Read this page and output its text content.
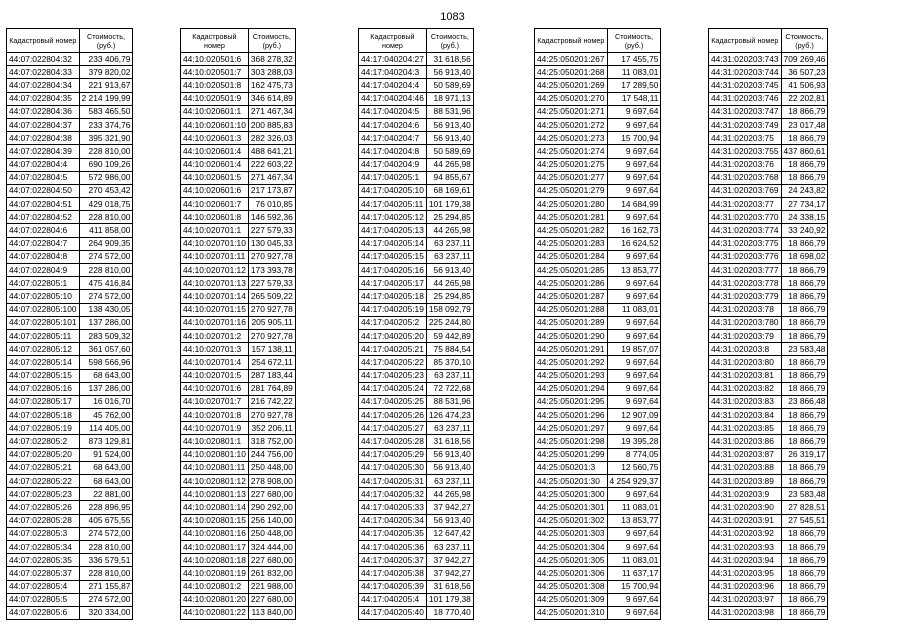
1083
Кадастровый номер	Стоимость, (руб.)
44:07:022804:32	233 406,79
44:07:022804:33	379 820,02
44:07:022804:34	221 913,67
44:07:022804:35	2 214 199,99
44:07:022804:36	583 465,50
44:07:022804:37	233 374,76
44:07:022804:38	395 321,90
44:07:022804:39	228 810,00
44:07:022804:4	690 109,26
44:07:022804:5	572 986,00
44:07:022804:50	270 453,42
44:07:022804:51	429 018,75
44:07:022804:52	228 810,00
44:07:022804:6	411 858,00
44:07:022804:7	264 909,35
44:07:022804:8	274 572,00
44:07:022804:9	228 810,00
44:07:022805:1	475 416,84
44:07:022805:10	274 572,00
44:07:022805:100	138 430,05
44:07:022805:101	137 286,00
44:07:022805:11	283 509,32
44:07:022805:12	361 057,60
44:07:022805:14	598 566,96
44:07:022805:15	68 643,00
44:07:022805:16	137 286,00
44:07:022805:17	16 016,70
44:07:022805:18	45 762,00
44:07:022805:19	114 405,00
44:07:022805:2	873 129,81
44:07:022805:20	91 524,00
44:07:022805:21	68 643,00
44:07:022805:22	68 643,00
44:07:022805:23	22 881,00
44:07:022805:26	228 896,95
44:07:022805:28	405 675,55
44:07:022805:3	274 572,00
44:07:022805:34	228 810,00
44:07:022805:35	336 579,51
44:07:022805:37	228 810,00
44:07:022805:4	271 155,87
44:07:022805:5	274 572,00
44:07:022805:6	320 334,00
Кадастровый номер	Стоимость, (руб.)
44:10:020501:6	368 278,32
44:10:020501:7	303 288,03
44:10:020501:8	162 475,73
44:10:020501:9	346 614,89
44:10:020601:1	271 467,34
44:10:020601:10	200 885,83
44:10:020601:3	282 326,03
44:10:020601:4	488 641,21
44:10:020601:4	222 603,22
44:10:020601:5	271 467,34
44:10:020601:6	217 173,87
44:10:020601:7	76 010,85
44:10:020601:8	146 592,36
44:10:020701:1	227 579,33
44:10:020701:10	130 045,33
44:10:020701:11	270 927,78
44:10:020701:12	173 393,78
44:10:020701:13	227 579,33
44:10:020701:14	265 509,22
44:10:020701:15	270 927,78
44:10:020701:16	205 905,11
44:10:020701:2	270 927,78
44:10:020701:3	157 138,11
44:10:020701:4	254 672,11
44:10:020701:5	287 183,44
44:10:020701:6	281 764,89
44:10:020701:7	216 742,22
44:10:020701:8	270 927,78
44:10:020701:9	352 206,11
44:10:020801:1	318 752,00
44:10:020801:10	244 756,00
44:10:020801:11	250 448,00
44:10:020801:12	278 908,00
44:10:020801:13	227 680,00
44:10:020801:14	290 292,00
44:10:020801:15	256 140,00
44:10:020801:16	250 448,00
44:10:020801:17	324 444,00
44:10:020801:18	227 680,00
44:10:020801:19	261 832,00
44:10:020801:2	221 988,00
44:10:020801:20	227 680,00
44:10:020801:22	113 840,00
Кадастровый номер	Стоимость, (руб.)
44:17:040204:27	31 618,56
44:17:040204:3	56 913,40
44:17:040204:4	50 589,69
44:17:040204:46	18 971,13
44:17:040204:5	88 531,96
44:17:040204:6	56 913,40
44:17:040204:7	56 913,40
44:17:040204:8	50 589,69
44:17:040204:9	44 265,98
44:17:040205:1	94 855,67
44:17:040205:10	68 169,61
44:17:040205:11	101 179,38
44:17:040205:12	25 294,85
44:17:040205:13	44 265,98
44:17:040205:14	63 237,11
44:17:040205:15	63 237,11
44:17:040205:16	56 913,40
44:17:040205:17	44 265,98
44:17:040205:18	25 294,85
44:17:040205:19	158 092,79
44:17:040205:2	225 244,80
44:17:040205:20	59 442,89
44:17:040205:21	75 884,54
44:17:040205:22	85 370,10
44:17:040205:23	63 237,11
44:17:040205:24	72 722,68
44:17:040205:25	88 531,96
44:17:040205:26	126 474,23
44:17:040205:27	63 237,11
44:17:040205:28	31 618,56
44:17:040205:29	56 913,40
44:17:040205:30	56 913,40
44:17:040205:31	63 237,11
44:17:040205:32	44 265,98
44:17:040205:33	37 942,27
44:17:040205:34	56 913,40
44:17:040205:35	12 647,42
44:17:040205:36	63 237,11
44:17:040205:37	37 942,27
44:17:040205:38	37 942,27
44:17:040205:39	31 618,56
44:17:040205:4	101 179,38
44:17:040205:40	18 770,40
Кадастровый номер	Стоимость, (руб.)
44:25:050201:267	17 455,75
44:25:050201:268	11 083,01
44:25:050201:269	17 289,50
44:25:050201:270	17 548,11
44:25:050201:271	9 697,64
44:25:050201:272	9 697,64
44:25:050201:273	15 700,94
44:25:050201:274	9 697,64
44:25:050201:275	9 697,64
44:25:050201:277	9 697,64
44:25:050201:279	9 697,64
44:25:050201:280	14 684,99
44:25:050201:281	9 697,64
44:25:050201:282	16 162,73
44:25:050201:283	16 624,52
44:25:050201:284	9 697,64
44:25:050201:285	13 853,77
44:25:050201:286	9 697,64
44:25:050201:287	9 697,64
44:25:050201:288	11 083,01
44:25:050201:289	9 697,64
44:25:050201:290	9 697,64
44:25:050201:291	19 857,07
44:25:050201:292	9 697,64
44:25:050201:293	9 697,64
44:25:050201:294	9 697,64
44:25:050201:295	9 697,64
44:25:050201:296	12 907,09
44:25:050201:297	9 697,64
44:25:050201:298	19 395,28
44:25:050201:299	8 774,05
44:25:050201:3	12 560,75
44:25:050201:30	4 254 929,37
44:25:050201:300	9 697,64
44:25:050201:301	11 083,01
44:25:050201:302	13 853,77
44:25:050201:303	9 697,64
44:25:050201:304	9 697,64
44:25:050201:305	11 083,01
44:25:050201:306	11 637,17
44:25:050201:308	15 700,94
44:25:050201:309	9 697,64
44:25:050201:310	9 697,64
Кадастровый номер	Стоимость, (руб.)
44:31:020203:743	709 269,46
44:31:020203:744	36 507,23
44:31:020203:745	41 506,93
44:31:020203:746	22 202,81
44:31:020203:747	18 866,79
44:31:020203:749	23 017,48
44:31:020203:75	18 866,79
44:31:020203:755	437 860,61
44:31:020203:76	18 866,79
44:31:020203:768	18 866,79
44:31:020203:769	24 243,82
44:31:020203:77	27 734,17
44:31:020203:770	24 338,15
44:31:020203:774	33 240,92
44:31:020203:775	18 866,79
44:31:020203:776	18 698,02
44:31:020203:777	18 866,79
44:31:020203:778	18 866,79
44:31:020203:779	18 866,79
44:31:020203:78	18 866,79
44:31:020203:780	18 866,79
44:31:020203:79	18 866,79
44:31:020203:8	23 583,48
44:31:020203:80	18 866,79
44:31:020203:81	18 866,79
44:31:020203:82	18 866,79
44:31:020203:83	23 866,48
44:31:020203:84	18 866,79
44:31:020203:85	18 866,79
44:31:020203:86	18 866,79
44:31:020203:87	26 319,17
44:31:020203:88	18 866,79
44:31:020203:89	18 866,79
44:31:020203:9	23 583,48
44:31:020203:90	27 828,51
44:31:020203:91	27 545,51
44:31:020203:92	18 866,79
44:31:020203:93	18 866,79
44:31:020203:94	18 866,79
44:31:020203:95	18 866,79
44:31:020203:96	18 866,79
44:31:020203:97	18 866,79
44:31:020203:98	18 866,79
